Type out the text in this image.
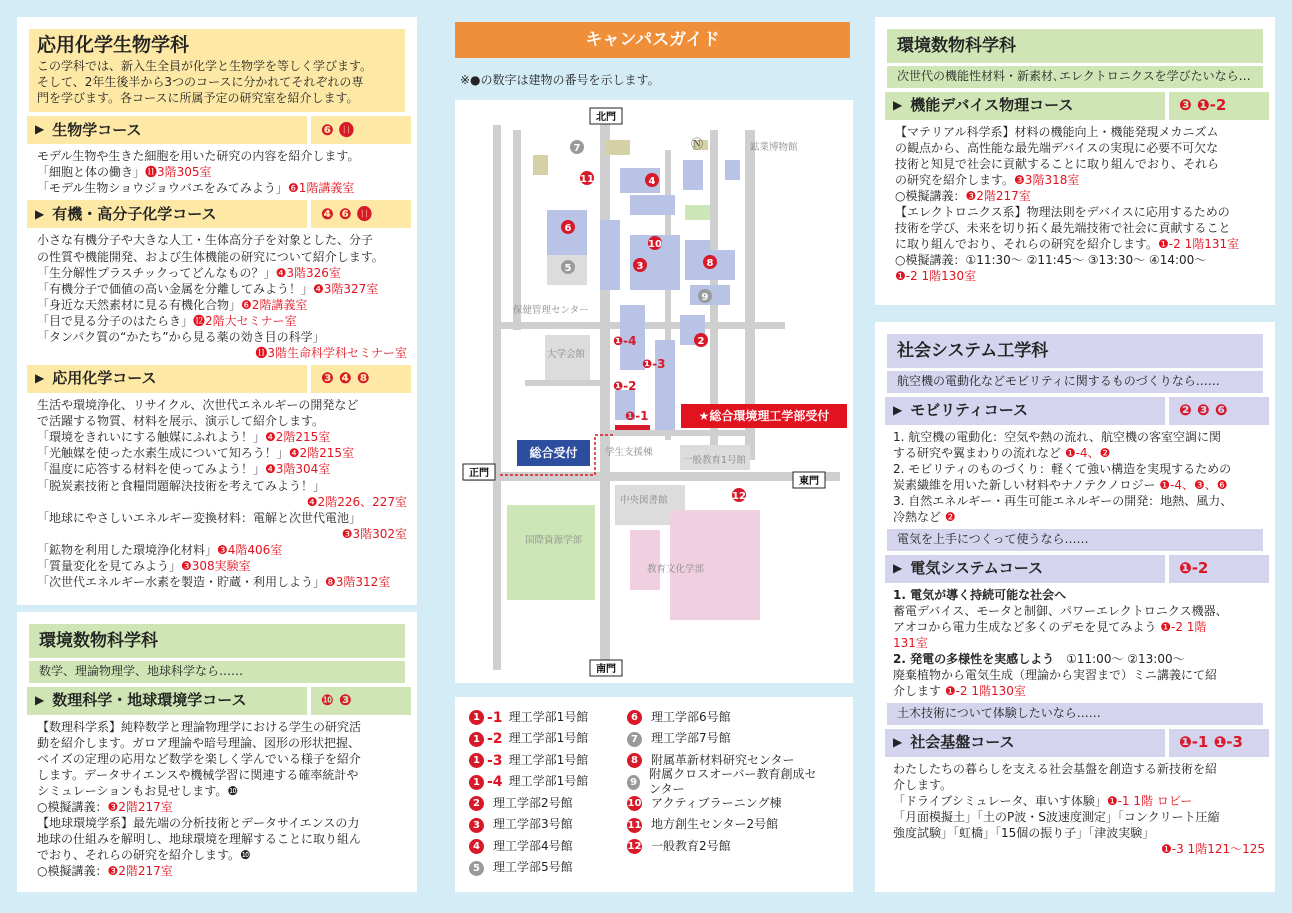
応用化学生物学科
この学科では、新入生全員が化学と生物学を等しく学びます。
そして、2年生後半から3つのコースに分かれてそれぞれの専
門を学びます。各コースに所属予定の研究室を紹介します。
▶ 生物学コース	❻ ⓫
モデル生物や生きた細胞を用いた研究の内容を紹介します。
「細胞と体の働き」⓫3階305室
「モデル生物ショウジョウバエをみてみよう」❻1階講義室
▶ 有機・高分子化学コース	❹ ❻ ⓫
小さな有機分子や大きな人工・生体高分子を対象とした、分子
の性質や機能開発、および生体機能の研究について紹介します。
「生分解性プラスチックってどんなもの？」❹3階326室
「有機分子で価値の高い金属を分離してみよう！」❹3階327室
「身近な天然素材に見る有機化合物」❻2階講義室
「目で見る分子のはたらき」⓬2階大セミナー室
「タンパク質の“かたち”から見る薬の効き目の科学」
⓫3階生命科学科セミナー室
▶ 応用化学コース	❸ ❹ ❽
生活や環境浄化、リサイクル、次世代エネルギーの開発など
で活躍する物質、材料を展示、演示して紹介します。
「環境をきれいにする触媒にふれよう！」❹2階215室
「光触媒を使った水素生成について知ろう！」❹2階215室
「温度に応答する材料を使ってみよう！」❹3階304室
「脱炭素技術と食糧問題解決技術を考えてみよう！」
❹2階226、227室
「地球にやさしいエネルギー変換材料：電解と次世代電池」
❸3階302室
「鉱物を利用した環境浄化材料」❸4階406室
「質量変化を見てみよう」❸308実験室
「次世代エネルギー水素を製造・貯蔵・利用しよう」❽3階312室
環境数物科学科
数学、理論物理学、地球科学なら……
▶ 数理科学・地球環境学コース	❿ ❸
【数理科学系】純粋数学と理論物理学における学生の研究活
動を紹介します。ガロア理論や暗号理論、図形の形状把握、
ベイズの定理の応用など数学を楽しく学んでいる様子を紹介
します。データサイエンスや機械学習に関連する確率統計や
シミュレーションもお見せします。❿
○模擬講義：❸2階217室
【地球環境学系】最先端の分析技術とデータサイエンスの力
地球の仕組みを解明し、地球環境を理解することに取り組ん
でおり、それらの研究を紹介します。❿
○模擬講義：❸2階217室
キャンパスガイド
※●の数字は建物の番号を示します。
7
4
11
6
10
5	3	8
9
2
12
❶-4
❶-3
❶-2
❶-1
鉱業博物館
保健管理センター
大学会館
学生支援棟
一般教育1号館
中央図書館
国際資源学部
教育文化学部
北門
南門
正門
東門
Ⓝ
総合受付
★総合環境理工学部受付
1 -1 理工学部1号館
1 -2 理工学部1号館
1 -3 理工学部1号館
1 -4 理工学部1号館
2	理工学部2号館
3	理工学部3号館
4	理工学部4号館
5	理工学部5号館
6	理工学部6号館
7	理工学部7号館
8	附属革新材料研究センター
9
附属クロスオーバー教育創成センター
10 アクティブラーニング棟
11 地方創生センター2号館
12 一般教育2号館
環境数物科学科
次世代の機能性材料・新素材､エレクトロニクスを学びたいなら…
▶ 機能デバイス物理コース	❸ ❶-2
【マテリアル科学系】材料の機能向上・機能発現メカニズム
の観点から、高性能な最先端デバイスの実現に必要不可欠な
技術と知見で社会に貢献することに取り組んでおり、それら
の研究を紹介します。❸3階318室
○模擬講義：❸2階217室
【エレクトロニクス系】物理法則をデバイスに応用するための
技術を学び、未来を切り拓く最先端技術で社会に貢献すること
に取り組んでおり、それらの研究を紹介します。❶-2 1階131室
○模擬講義：①11:30～ ②11:45～ ③13:30～ ④14:00～
❶-2 1階130室
社会システム工学科
航空機の電動化などモビリティに関するものづくりなら……
▶ モビリティコース	❷ ❸ ❻
1. 航空機の電動化：空気や熱の流れ、航空機の客室空調に関
する研究や翼まわりの流れなど ❶-4、❷
2. モビリティのものづくり：軽くて強い構造を実現するための
炭素繊維を用いた新しい材料やナノテクノロジー ❶-4、❸、❻
3. 自然エネルギー・再生可能エネルギーの開発：地熱、風力、
冷熱など ❷
電気を上手につくって使うなら……
▶ 電気システムコース	❶-2
1. 電気が導く持続可能な社会へ
蓄電デバイス、モータと制御、パワーエレクトロニクス機器、
アオコから電力生成など多くのデモを見てみよう ❶-2 1階
131室
2. 発電の多様性を実感しよう　 ①11:00～ ②13:00～
廃棄植物から電気生成（理論から実習まで）ミニ講義にて紹
介します ❶-2 1階130室
土木技術について体験したいなら……
▶ 社会基盤コース	❶-1 ❶-3
わたしたちの暮らしを支える社会基盤を創造する新技術を紹
介します。
「ドライブシミュレータ、車いす体験」❶-1 1階 ロビー
「月面模擬土」「土のP波・S波速度測定」「コンクリート圧縮
強度試験」「虹橋」「15個の振り子」「津波実験」
❶-3 1階121～125
